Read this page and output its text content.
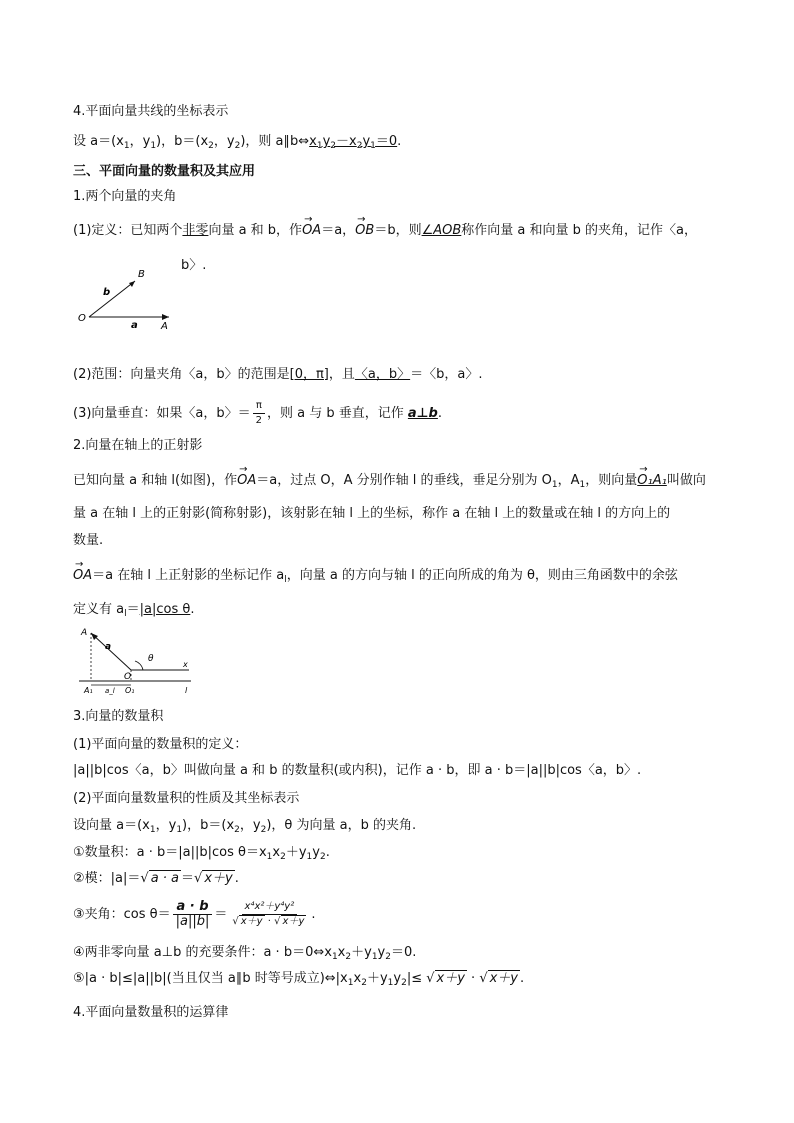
4.平面向量共线的坐标表示
设 $a=(x_1$，$y_1$)，$b=(x_2$，$y_2$)，则 $a\parallel b\Leftrightarrow x_1y_2-x_2y_1=0$.
三、平面向量的数量积及其应用
1.两个向量的夹角
(1)定义：已知两个非零向量 a 和 b，作→ OA＝a，→ OB＝b，则∠AOB称作向量 a 和向量 b 的夹角，记作〈a，
b〉.
O
A
B
a
b
(2)范围：向量夹角〈a，b〉的范围是[0，π]，且〈a，b〉＝〈b，a〉.
(3)向量垂直：如果〈a，b〉＝ $\frac{\pi}{2}$ ，则 a 与 b 垂直，记作 a⊥b.
2.向量在轴上的正射影
已知向量 a 和轴 l(如图)，作→ OA＝a，过点 O，A 分别作轴 l 的垂线，垂足分别为 $O_1$，$A_1$，则向量→ O₁A₁叫做向
量 a 在轴 l 上的正射影(简称射影)，该射影在轴 l 上的坐标，称作 a 在轴 l 上的数量或在轴 l 的方向上的
数量.
→ OA＝a 在轴 l 上正射影的坐标记作 $a_l$，向量 a 的方向与轴 l 的正向所成的角为 θ，则由三角函数中的余弦
定义有 $a_l=|a|\cos$ θ.
A
a
θ
O
x
l
A₁ a_l O₁
3.向量的数量积
(1)平面向量的数量积的定义：
|a||b|cos〈a，b〉叫做向量 a 和 b 的数量积(或内积)，记作 a · b，即 a · b＝|a||b|cos〈a，b〉.
(2)平面向量数量积的性质及其坐标表示
设向量 $a=(x_1$，$y_1$)，$b=(x_2$，$y_2$)，θ 为向量 a，b 的夹角.
①数量积：a · b＝|a||b|cos $\theta=x_1x_2+y_1y_2$.
②模：|a|＝√ a · a ＝√ x＋y .
③夹角：$\cos \theta= \frac{a \cdot b}{|a||b|} = \frac{\text{x⁴x²＋y⁴y²}}{√ x+y \cdot √ x+y}$ .
④两非零向量 a⊥b 的充要条件：$a \cdot b=0\Leftrightarrow x_1x_2+y_1y_2=0$.
⑤|a · b|≤|a||b|(当且仅当 a∥b 时等号成立)$\Leftrightarrow|x_1x_2+y_1y_2|\le$ √ x＋y · √ x＋y .
4.平面向量数量积的运算律
